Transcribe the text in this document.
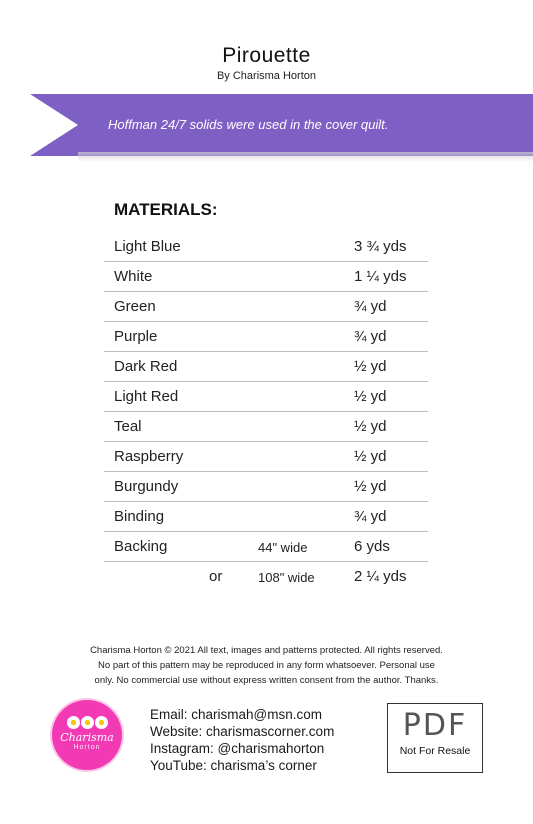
Pirouette
By Charisma Horton
Hoffman 24/7 solids were used in the cover quilt.
MATERIALS:
Light Blue	3 ¾ yds
White	1 ¼ yds
Green	¾ yd
Purple	¾ yd
Dark Red	½ yd
Light Red	½ yd
Teal	½ yd
Raspberry	½ yd
Burgundy	½ yd
Binding	¾ yd
Backing	44" wide	6 yds
or	108" wide	2 ¼ yds
Charisma Horton © 2021 All text, images and patterns protected. All rights reserved.
No part of this pattern may be reproduced in any form whatsoever. Personal use
only. No commercial use without express written consent from the author. Thanks.
Charisma
Horton
Email: charismah@msn.com
Website: charismascorner.com
Instagram: @charismahorton
YouTube: charisma’s corner
PDF
Not For Resale
